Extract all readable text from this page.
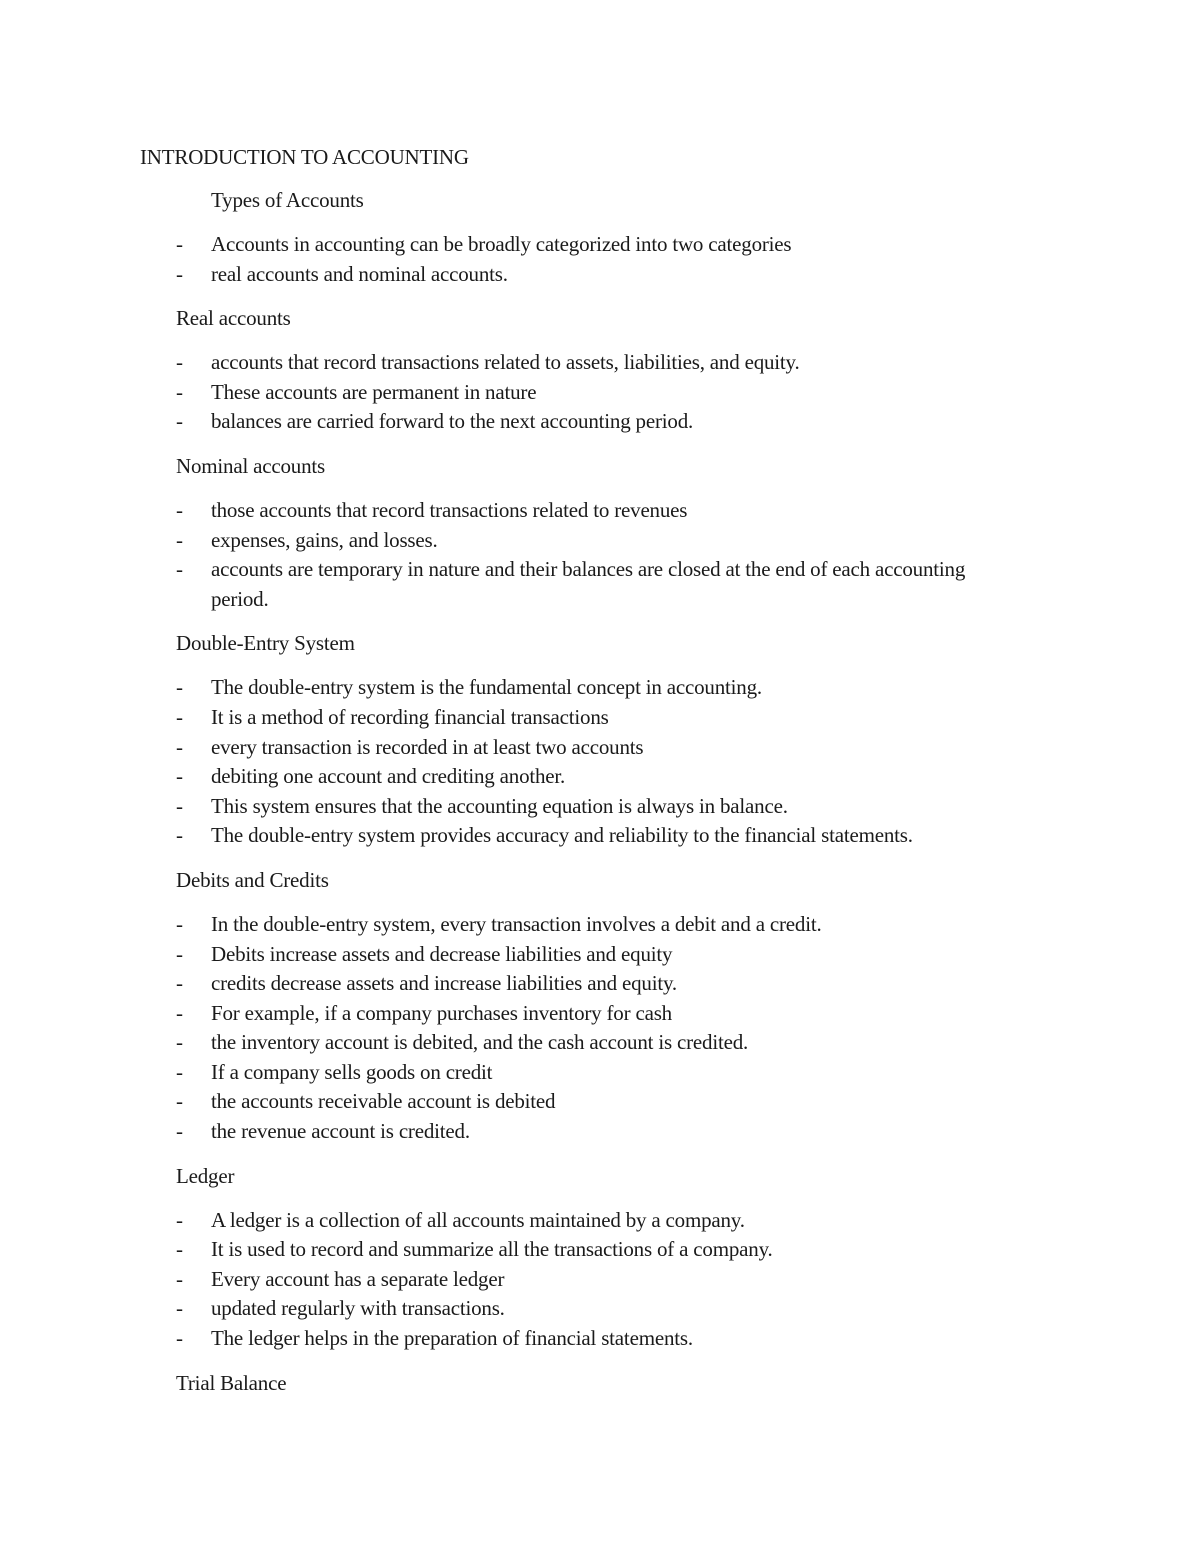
INTRODUCTION TO ACCOUNTING
Types of Accounts
- Accounts in accounting can be broadly categorized into two categories
- real accounts and nominal accounts.
Real accounts
- accounts that record transactions related to assets, liabilities, and equity.
- These accounts are permanent in nature
- balances are carried forward to the next accounting period.
Nominal accounts
- those accounts that record transactions related to revenues
- expenses, gains, and losses.
- accounts are temporary in nature and their balances are closed at the end of each accounting period.
Double-Entry System
- The double-entry system is the fundamental concept in accounting.
- It is a method of recording financial transactions
- every transaction is recorded in at least two accounts
- debiting one account and crediting another.
- This system ensures that the accounting equation is always in balance.
- The double-entry system provides accuracy and reliability to the financial statements.
Debits and Credits
- In the double-entry system, every transaction involves a debit and a credit.
- Debits increase assets and decrease liabilities and equity
- credits decrease assets and increase liabilities and equity.
- For example, if a company purchases inventory for cash
- the inventory account is debited, and the cash account is credited.
- If a company sells goods on credit
- the accounts receivable account is debited
- the revenue account is credited.
Ledger
- A ledger is a collection of all accounts maintained by a company.
- It is used to record and summarize all the transactions of a company.
- Every account has a separate ledger
- updated regularly with transactions.
- The ledger helps in the preparation of financial statements.
Trial Balance
